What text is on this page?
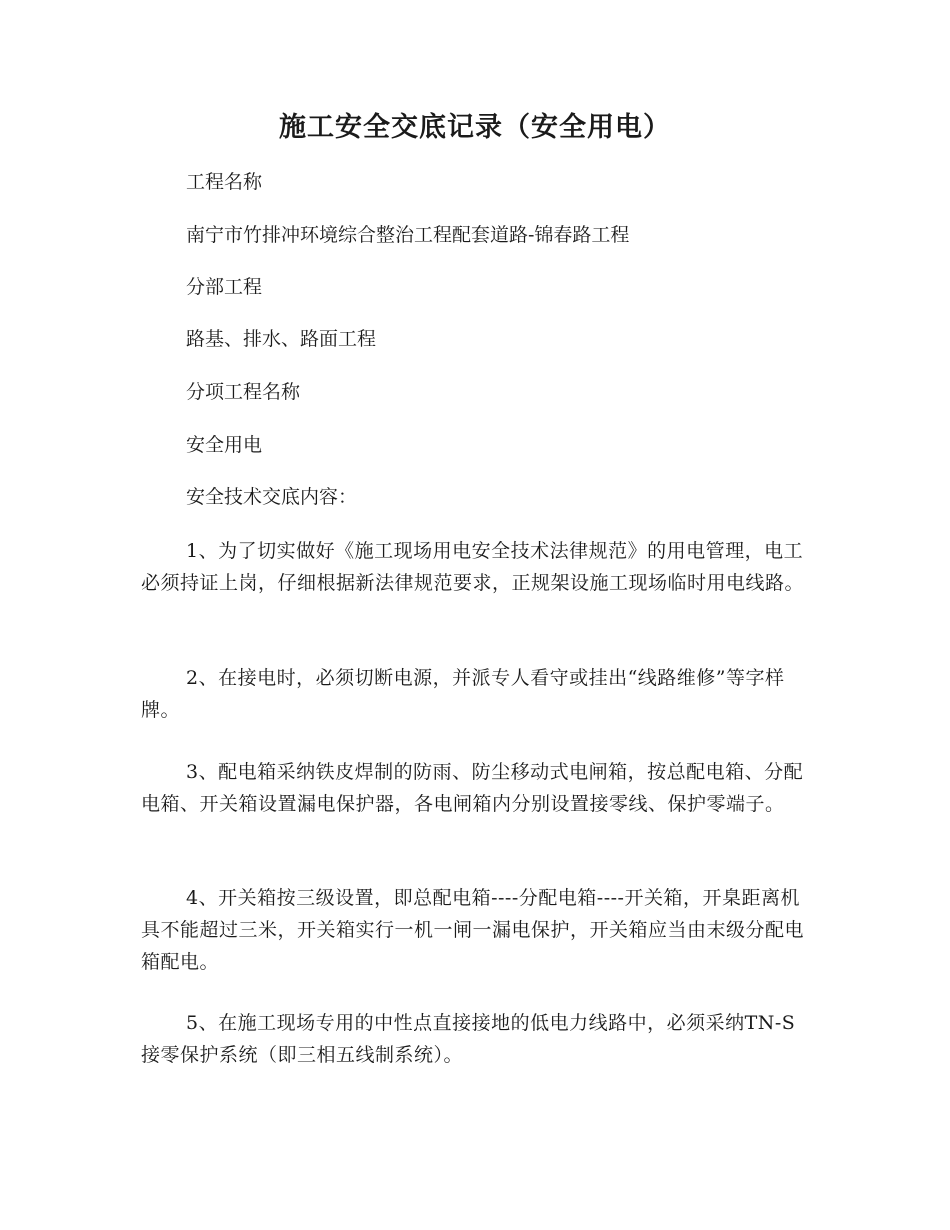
施工安全交底记录（安全用电）

工程名称

南宁市竹排冲环境综合整治工程配套道路-锦春路工程

分部工程

路基、排水、路面工程

分项工程名称

安全用电

安全技术交底内容：

1、为了切实做好《施工现场用电安全技术法律规范》的用电管理，电工必须持证上岗，仔细根据新法律规范要求，正规架设施工现场临时用电线路。

2、在接电时，必须切断电源，并派专人看守或挂出“线路维修”等字样牌。

3、配电箱采纳铁皮焊制的防雨、防尘移动式电闸箱，按总配电箱、分配电箱、开关箱设置漏电保护器，各电闸箱内分别设置接零线、保护零端子。

4、开关箱按三级设置，即总配电箱----分配电箱----开关箱，开臬距离机具不能超过三米，开关箱实行一机一闸一漏电保护，开关箱应当由末级分配电箱配电。

5、在施工现场专用的中性点直接接地的低电力线路中，必须采纳TN-S接零保护系统（即三相五线制系统）。
